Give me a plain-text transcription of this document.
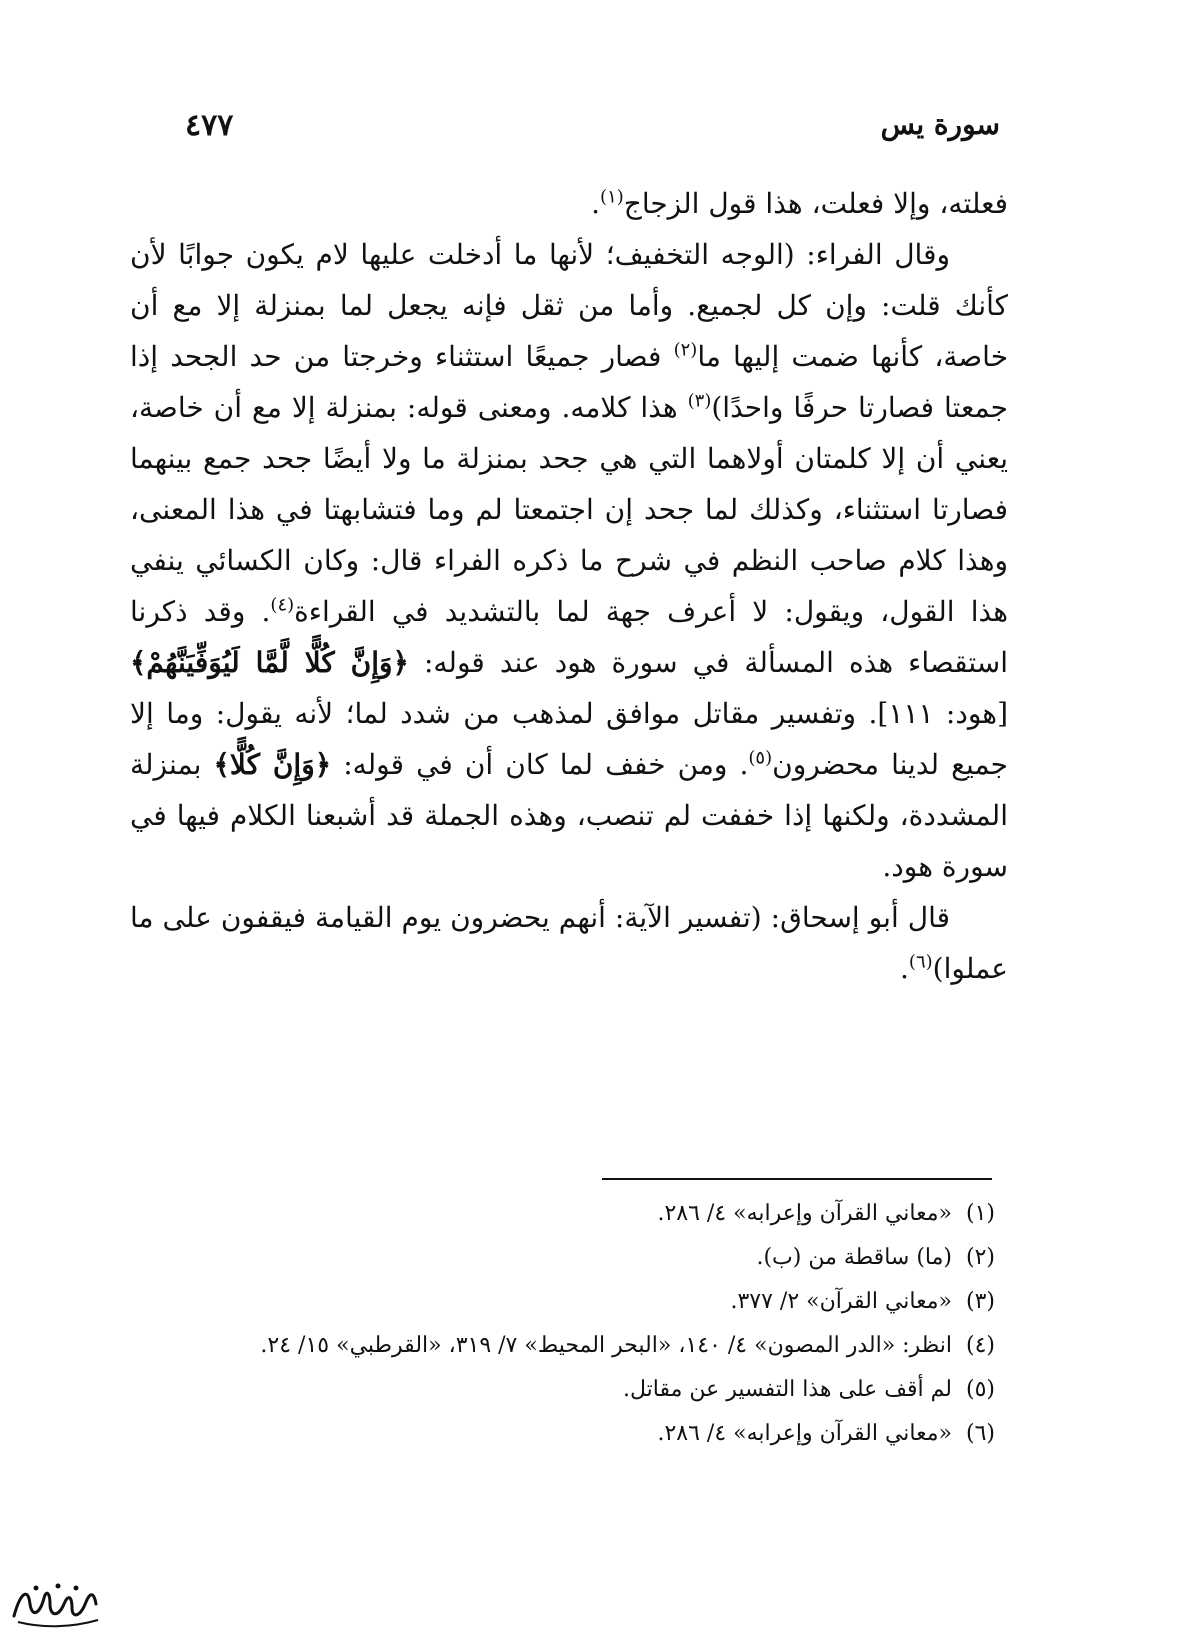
٤٧٧	سورة يس

فعلته، وإلا فعلت، هذا قول الزجاج$^{(١)}$.

وقال الفراء: (الوجه التخفيف؛ لأنها ما أدخلت عليها لام يكون جوابًا لأن كأنك قلت: وإن كل لجميع. وأما من ثقل فإنه يجعل لما بمنزلة إلا مع أن خاصة، كأنها ضمت إليها ما$^{(٢)}$ فصار جميعًا استثناء وخرجتا من حد الجحد إذا جمعتا فصارتا حرفًا واحدًا)$^{(٣)}$ هذا كلامه. ومعنى قوله: بمنزلة إلا مع أن خاصة، يعني أن إلا كلمتان أولاهما التي هي جحد بمنزلة ما ولا أيضًا جحد جمع بينهما فصارتا استثناء، وكذلك لما جحد إن اجتمعتا لم وما فتشابهتا في هذا المعنى، وهذا كلام صاحب النظم في شرح ما ذكره الفراء قال: وكان الكسائي ينفي هذا القول، ويقول: لا أعرف جهة لما بالتشديد في القراءة$^{(٤)}$. وقد ذكرنا استقصاء هذه المسألة في سورة هود عند قوله: ﴿وَإِنَّ كُلًّا لَّمَّا لَيُوَفِّيَنَّهُمْ﴾ [هود: ١١١]. وتفسير مقاتل موافق لمذهب من شدد لما؛ لأنه يقول: وما إلا جميع لدينا محضرون$^{(٥)}$. ومن خفف لما كان أن في قوله: ﴿وَإِنَّ كُلًّا﴾ بمنزلة المشددة، ولكنها إذا خففت لم تنصب، وهذه الجملة قد أشبعنا الكلام فيها في سورة هود.

قال أبو إسحاق: (تفسير الآية: أنهم يحضرون يوم القيامة فيقفون على ما عملوا)$^{(٦)}$.

(١)«معاني القرآن وإعرابه» ٤/ ٢٨٦.
(٢)(ما) ساقطة من (ب).
(٣)«معاني القرآن» ٢/ ٣٧٧.
(٤)انظر: «الدر المصون» ٤/ ١٤٠، «البحر المحيط» ٧/ ٣١٩، «القرطبي» ١٥/ ٢٤.
(٥)لم أقف على هذا التفسير عن مقاتل.
(٦)«معاني القرآن وإعرابه» ٤/ ٢٨٦.
